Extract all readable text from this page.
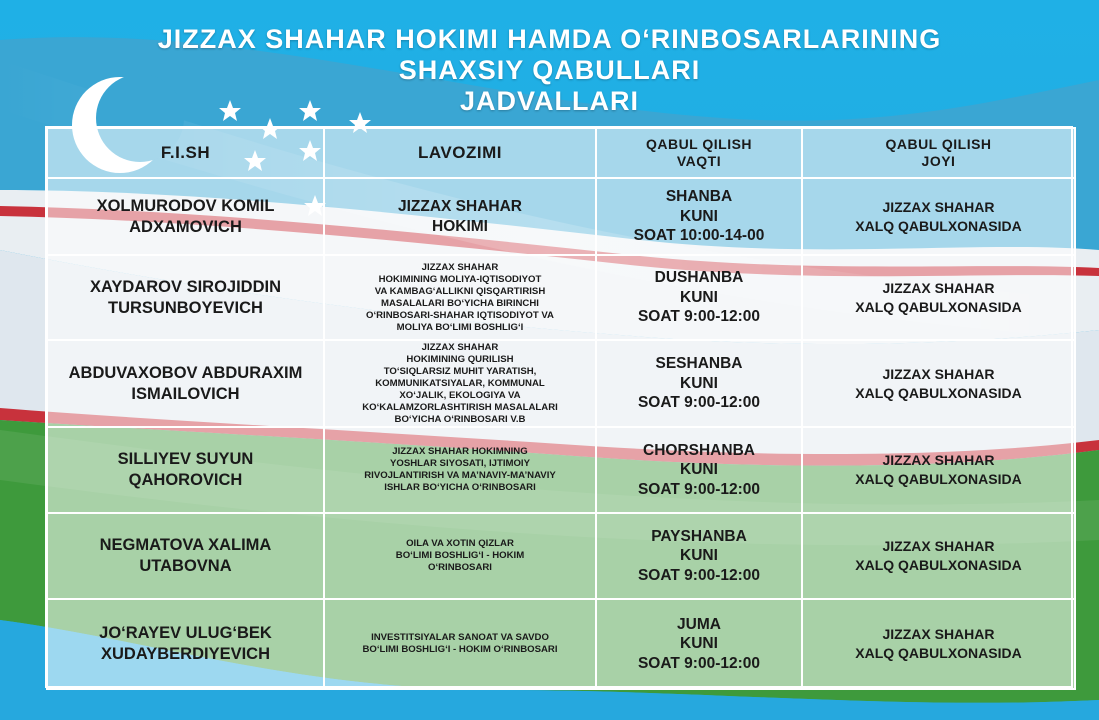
JIZZAX SHAHAR HOKIMI HAMDA O‘RINBOSARLARINING
SHAXSIY QABULLARI
JADVALLARI
F.I.SH	LAVOZIMI	QABUL QILISH
VAQTI
QABUL QILISH
JOYI
XOLMURODOV KOMIL
ADXAMOVICH
JIZZAX SHAHAR
HOKIMI
SHANBA
KUNI
SOAT 10:00-14-00
JIZZAX SHAHAR
XALQ QABULXONASIDA
XAYDAROV SIROJIDDIN
TURSUNBOYEVICH
JIZZAX SHAHAR
HOKIMINING MOLIYA-IQTISODIYOT
VA KAMBAG‘ALLIKNI QISQARTIRISH
MASALALARI BO‘YICHA BIRINCHI
O‘RINBOSARI-SHAHAR IQTISODIYOT VA
MOLIYA BO‘LIMI BOSHLIG‘I
DUSHANBA
KUNI
SOAT 9:00-12:00
JIZZAX SHAHAR
XALQ QABULXONASIDA
ABDUVAXOBOV ABDURAXIM
ISMAILOVICH
JIZZAX SHAHAR
HOKIMINING QURILISH
TO‘SIQLARSIZ MUHIT YARATISH,
KOMMUNIKATSIYALAR, KOMMUNAL
XO‘JALIK, EKOLOGIYA VA
KO‘KALAMZORLASHTIRISH MASALALARI
BO‘YICHA O‘RINBOSARI V.B
SESHANBA
KUNI
SOAT 9:00-12:00
JIZZAX SHAHAR
XALQ QABULXONASIDA
SILLIYEV SUYUN
QAHOROVICH
JIZZAX SHAHAR HOKIMNING
YOSHLAR SIYOSATI, IJTIMOIY
RIVOJLANTIRISH VA MA’NAVIY-MA’NAVIY
ISHLAR BO‘YICHA O‘RINBOSARI
CHORSHANBA
KUNI
SOAT 9:00-12:00
JIZZAX SHAHAR
XALQ QABULXONASIDA
NEGMATOVA XALIMA
UTABOVNA
OILA VA XOTIN QIZLAR
BO‘LIMI BOSHLIG‘I - HOKIM
O‘RINBOSARI
PAYSHANBA
KUNI
SOAT 9:00-12:00
JIZZAX SHAHAR
XALQ QABULXONASIDA
JO‘RAYEV ULUG‘BEK
XUDAYBERDIYEVICH
INVESTITSIYALAR SANOAT VA SAVDO
BO‘LIMI BOSHLIG‘I - HOKIM O‘RINBOSARI
JUMA
KUNI
SOAT 9:00-12:00
JIZZAX SHAHAR
XALQ QABULXONASIDA
